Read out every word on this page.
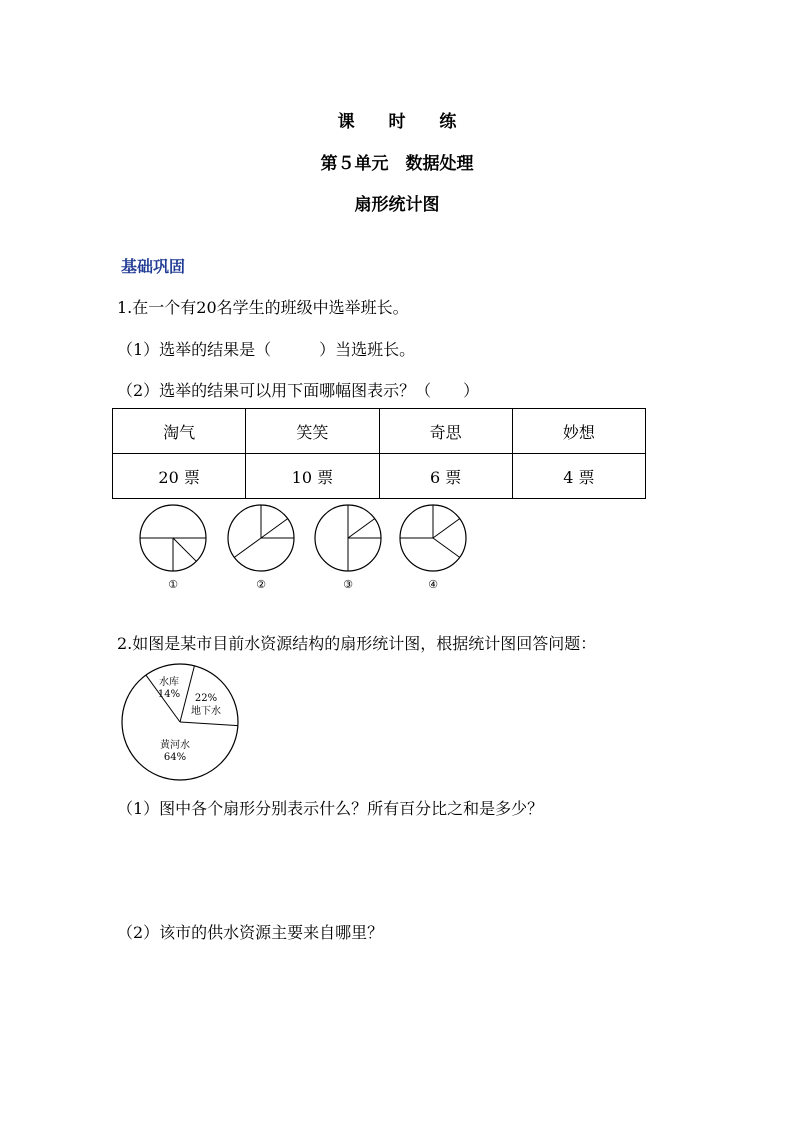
课 时 练
第５单元　数据处理
扇形统计图
基础巩固
1.在一个有20名学生的班级中选举班长。
（1）选举的结果是（　　　）当选班长。
（2）选举的结果可以用下面哪幅图表示？（　　）
淘气	笑笑	奇思	妙想
20 票	10 票	6 票	4 票
①	②	③	④
2.如图是某市目前水资源结构的扇形统计图，根据统计图回答问题：
水库
14% 22%
地下水
黄河水
64%
（1）图中各个扇形分别表示什么？所有百分比之和是多少？
（2）该市的供水资源主要来自哪里？
